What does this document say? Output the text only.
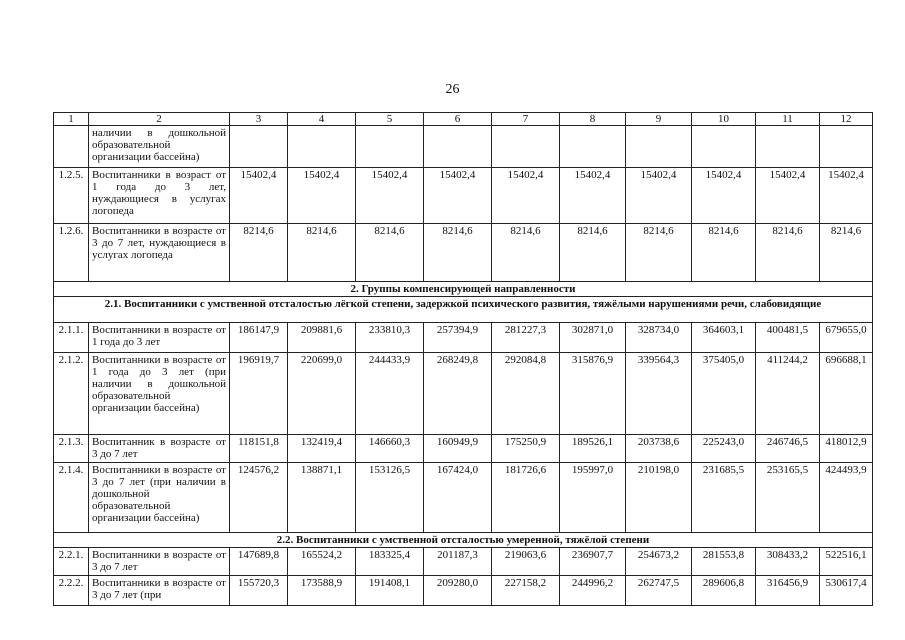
26
1	2	3	4	5	6	7	8	9	10	11	12
	наличии в дошкольной образовательной организации бассейна)										
1.2.5.	Воспитанники в возраст от 1 года до 3 лет, нуждающиеся в услугах логопеда	15402,4	15402,4	15402,4	15402,4	15402,4	15402,4	15402,4	15402,4	15402,4	15402,4
1.2.6.	Воспитанники в возрасте от 3 до 7 лет, нуждающиеся в услугах логопеда	8214,6	8214,6	8214,6	8214,6	8214,6	8214,6	8214,6	8214,6	8214,6	8214,6
2. Группы компенсирующей направленности											
2.1. Воспитанники с умственной отсталостью лёгкой степени, задержкой психического развития, тяжёлыми нарушениями речи, слабовидящие											
2.1.1.	Воспитанники в возрасте от 1 года до 3 лет	186147,9	209881,6	233810,3	257394,9	281227,3	302871,0	328734,0	364603,1	400481,5	679655,0
2.1.2.	Воспитанники в возрасте от 1 года до 3 лет (при наличии в дошкольной образовательной организации бассейна)	196919,7	220699,0	244433,9	268249,8	292084,8	315876,9	339564,3	375405,0	411244,2	696688,1
2.1.3.	Воспитанник в возрасте от 3 до 7 лет	118151,8	132419,4	146660,3	160949,9	175250,9	189526,1	203738,6	225243,0	246746,5	418012,9
2.1.4.	Воспитанники в возрасте от 3 до 7 лет (при наличии в дошкольной образовательной организации бассейна)	124576,2	138871,1	153126,5	167424,0	181726,6	195997,0	210198,0	231685,5	253165,5	424493,9
2.2. Воспитанники с умственной отсталостью умеренной, тяжёлой степени											
2.2.1.	Воспитанники в возрасте от 3 до 7 лет	147689,8	165524,2	183325,4	201187,3	219063,6	236907,7	254673,2	281553,8	308433,2	522516,1
2.2.2.	Воспитанники в возрасте от 3 до 7 лет (при	155720,3	173588,9	191408,1	209280,0	227158,2	244996,2	262747,5	289606,8	316456,9	530617,4
